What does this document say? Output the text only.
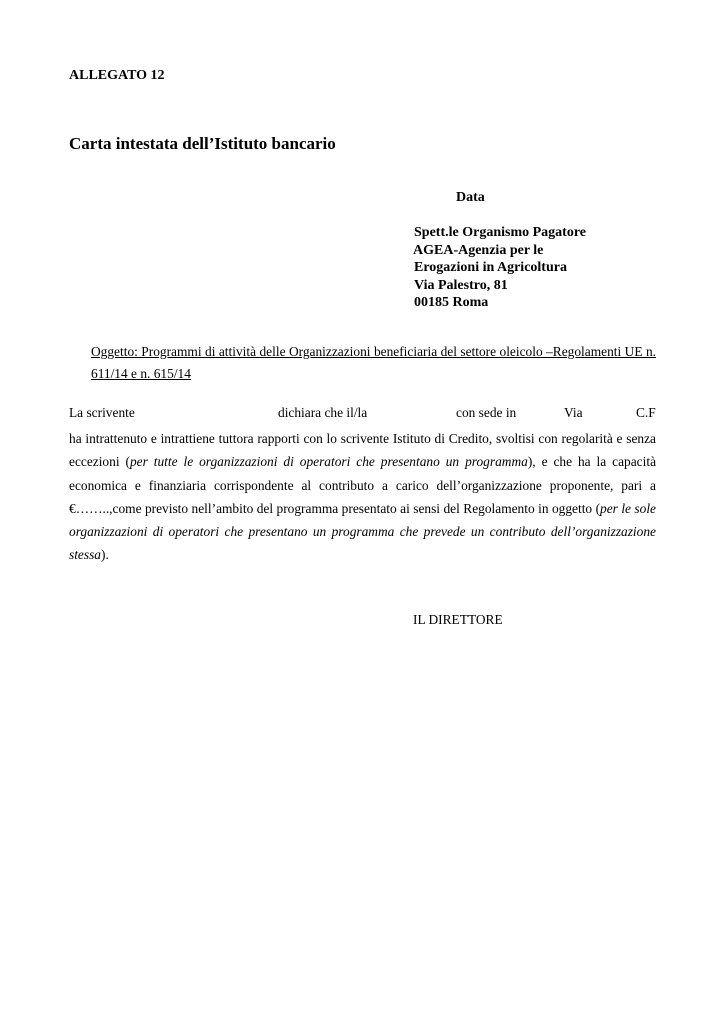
ALLEGATO 12
Carta intestata dell’Istituto bancario
Data
Spett.le Organismo Pagatore
AGEA-Agenzia per le
Erogazioni in Agricoltura
Via Palestro, 81
00185 Roma
Oggetto: Programmi di attività delle Organizzazioni beneficiaria del settore oleicolo –Regolamenti UE n. 611/14 e n. 615/14
La scrivente	dichiara che il/la	con sede in	Via	C.F
ha intrattenuto e intrattiene tuttora rapporti con lo scrivente Istituto di Credito, svoltisi con regolarità e senza eccezioni (per tutte le organizzazioni di operatori che presentano un programma), e che ha la capacità economica e finanziaria corrispondente al contributo a carico dell’organizzazione proponente, pari a €……..,come previsto nell’ambito del programma presentato ai sensi del Regolamento in oggetto (per le sole organizzazioni di operatori che presentano un programma che prevede un contributo dell’organizzazione stessa).
IL DIRETTORE
